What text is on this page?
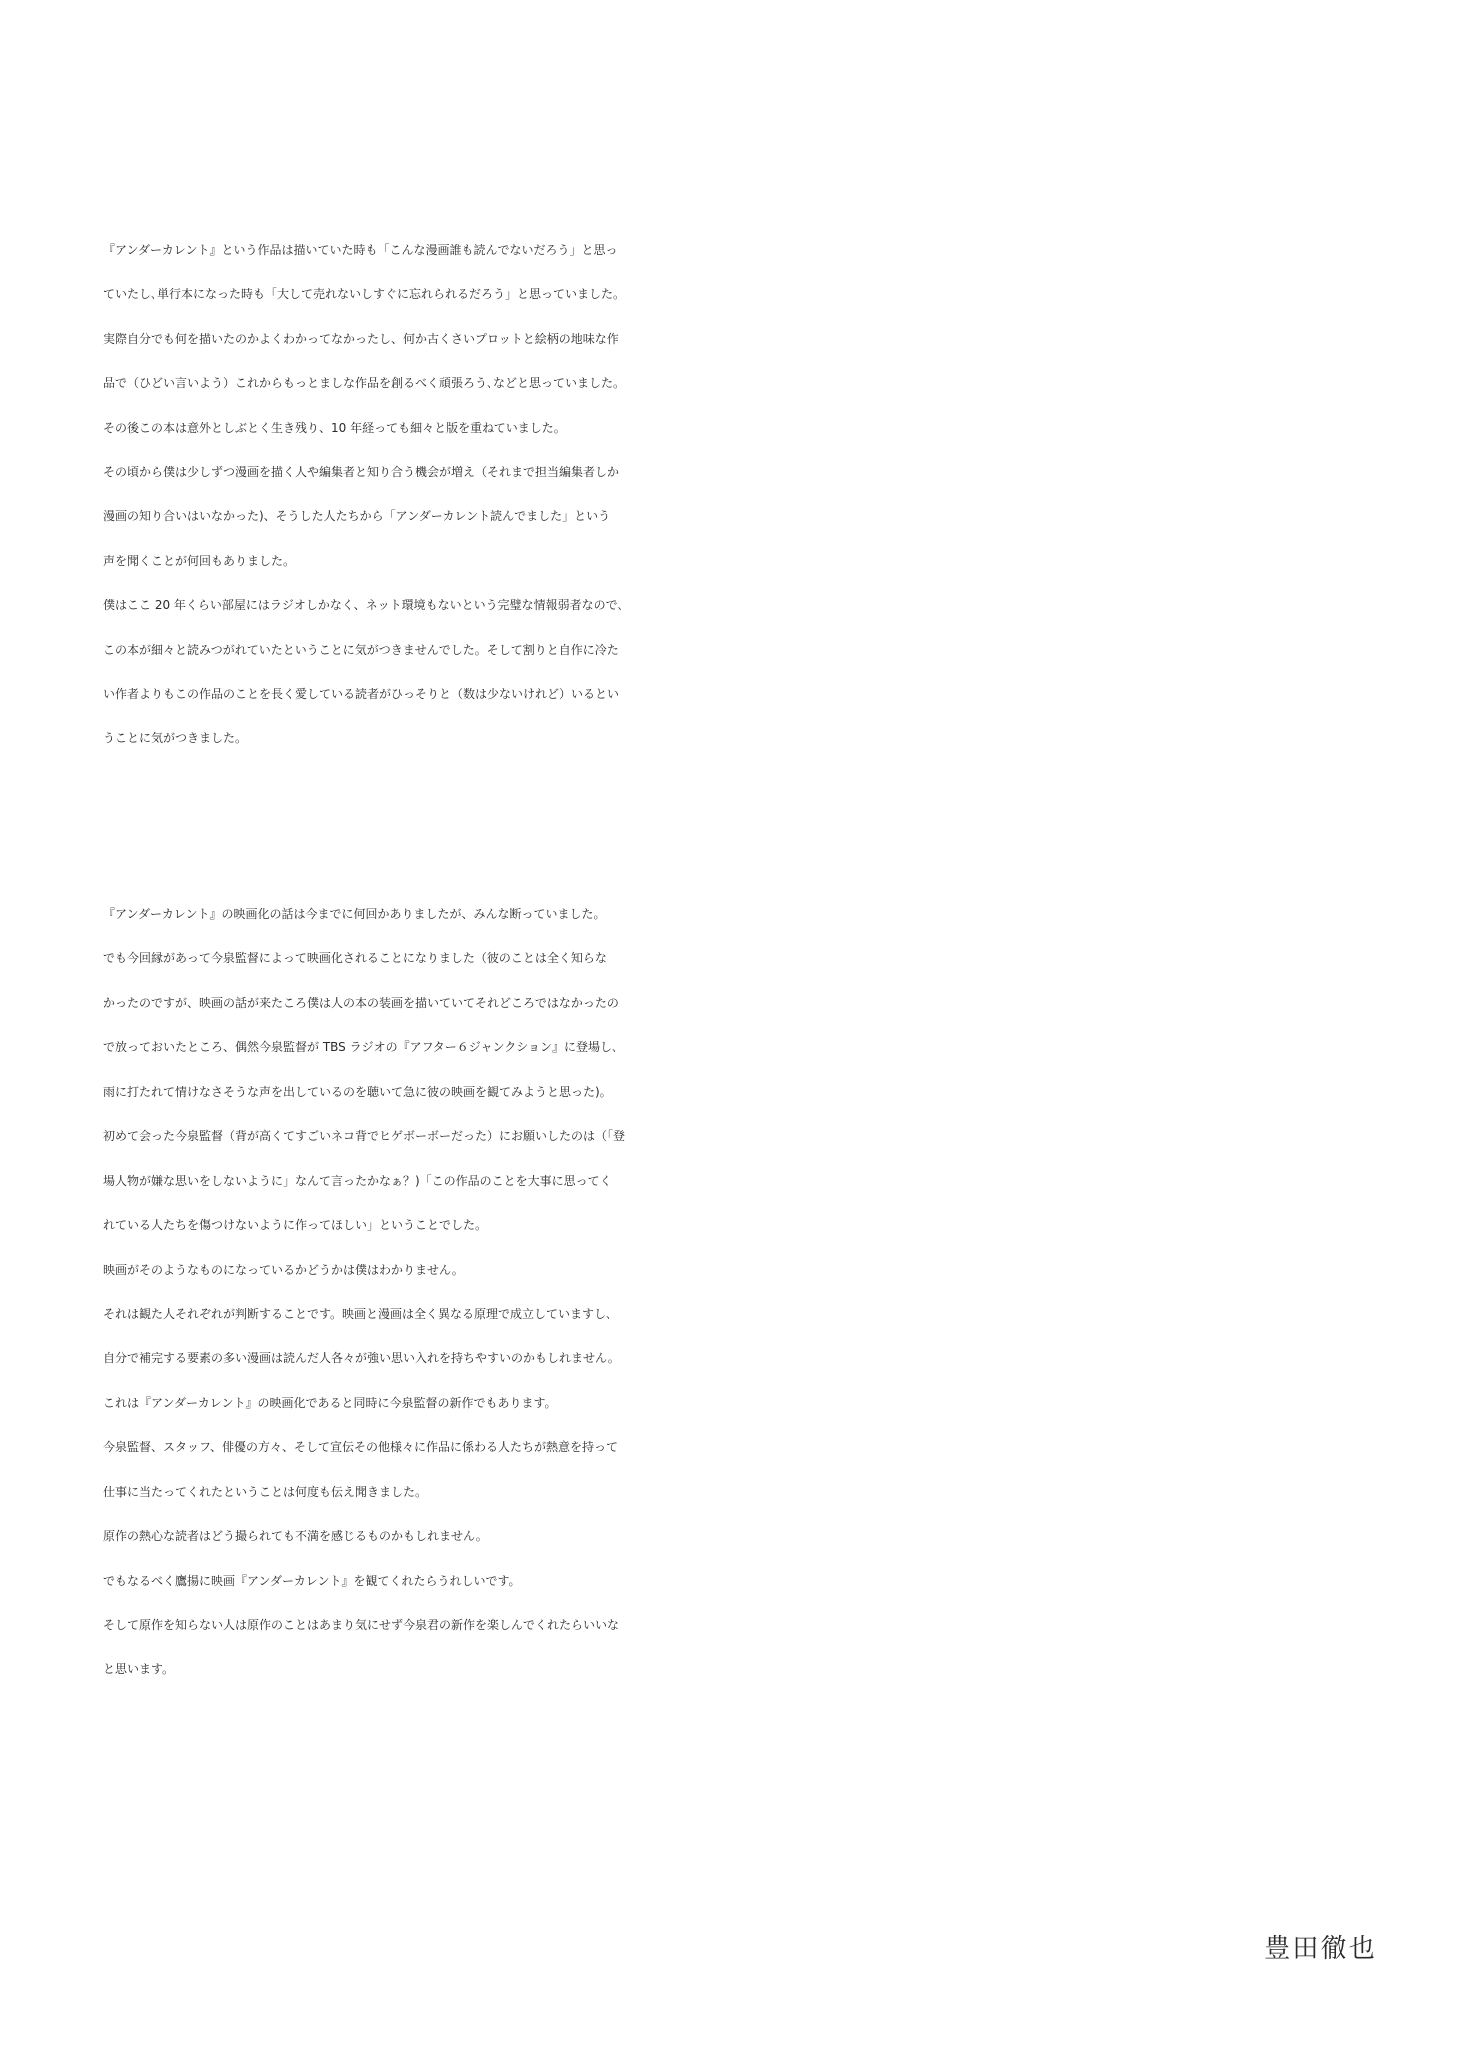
『アンダーカレント』という作品は描いていた時も「こんな漫画誰も読んでないだろう」と思っ
ていたし､単行本になった時も「大して売れないしすぐに忘れられるだろう」と思っていました。
実際自分でも何を描いたのかよくわかってなかったし、何か古くさいプロットと絵柄の地味な作
品で（ひどい言いよう）これからもっとましな作品を創るべく頑張ろう､などと思っていました。
その後この本は意外としぶとく生き残り、10 年経っても細々と版を重ねていました。
その頃から僕は少しずつ漫画を描く人や編集者と知り合う機会が増え（それまで担当編集者しか
漫画の知り合いはいなかった)、そうした人たちから「アンダーカレント読んでました」という
声を聞くことが何回もありました。
僕はここ 20 年くらい部屋にはラジオしかなく、ネット環境もないという完璧な情報弱者なので､
この本が細々と読みつがれていたということに気がつきませんでした。そして割りと自作に冷た
い作者よりもこの作品のことを長く愛している読者がひっそりと（数は少ないけれど）いるとい
うことに気がつきました。
『アンダーカレント』の映画化の話は今までに何回かありましたが、みんな断っていました。
でも今回縁があって今泉監督によって映画化されることになりました（彼のことは全く知らな
かったのですが、映画の話が来たころ僕は人の本の装画を描いていてそれどころではなかったの
で放っておいたところ、偶然今泉監督が TBS ラジオの『アフター６ジャンクション』に登場し､
雨に打たれて情けなさそうな声を出しているのを聴いて急に彼の映画を観てみようと思った)。
初めて会った今泉監督（背が高くてすごいネコ背でヒゲボーボーだった）にお願いしたのは（｢登
場人物が嫌な思いをしないように」なんて言ったかなぁ？)「この作品のことを大事に思ってく
れている人たちを傷つけないように作ってほしい」ということでした。
映画がそのようなものになっているかどうかは僕はわかりません。
それは観た人それぞれが判断することです。映画と漫画は全く異なる原理で成立していますし､
自分で補完する要素の多い漫画は読んだ人各々が強い思い入れを持ちやすいのかもしれません。
これは『アンダーカレント』の映画化であると同時に今泉監督の新作でもあります。
今泉監督、スタッフ、俳優の方々、そして宣伝その他様々に作品に係わる人たちが熱意を持って
仕事に当たってくれたということは何度も伝え聞きました。
原作の熱心な読者はどう撮られても不満を感じるものかもしれません。
でもなるべく鷹揚に映画『アンダーカレント』を観てくれたらうれしいです。
そして原作を知らない人は原作のことはあまり気にせず今泉君の新作を楽しんでくれたらいいな
と思います。
豊田徹也
